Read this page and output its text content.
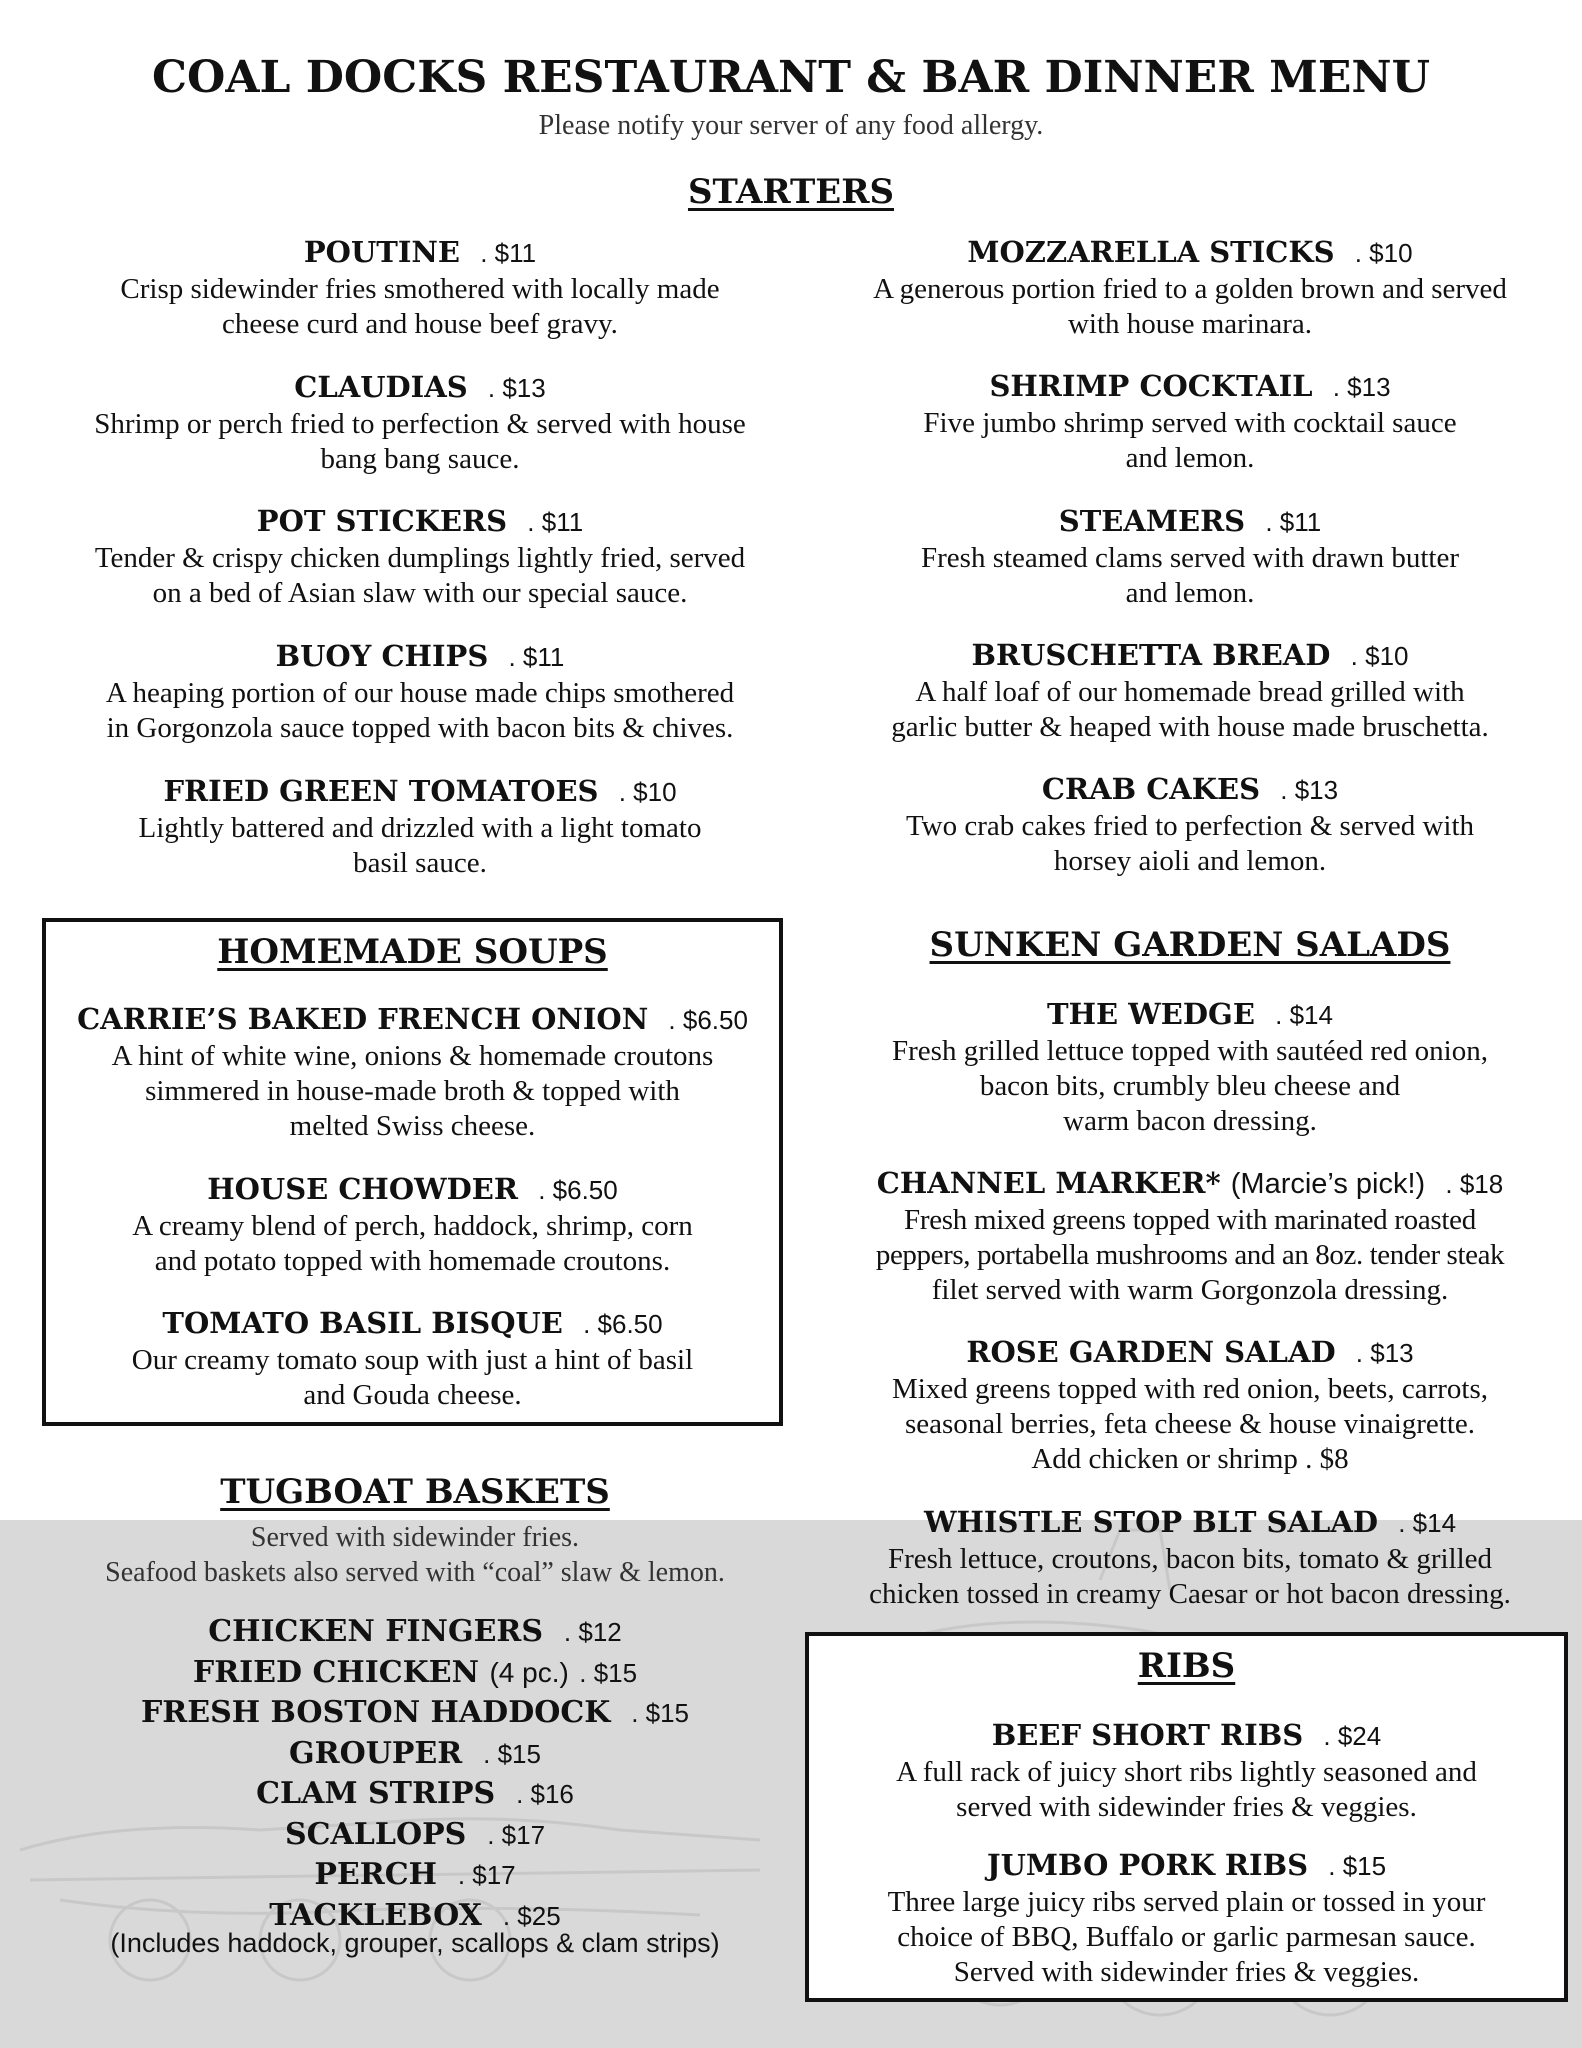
COAL DOCKS RESTAURANT & BAR DINNER MENU
Please notify your server of any food allergy.
STARTERS
POUTINE . $11
Crisp sidewinder fries smothered with locally made
cheese curd and house beef gravy.
CLAUDIAS . $13
Shrimp or perch fried to perfection & served with house
bang bang sauce.
POT STICKERS . $11
Tender & crispy chicken dumplings lightly fried, served
on a bed of Asian slaw with our special sauce.
BUOY CHIPS . $11
A heaping portion of our house made chips smothered
in Gorgonzola sauce topped with bacon bits & chives.
FRIED GREEN TOMATOES . $10
Lightly battered and drizzled with a light tomato
basil sauce.
MOZZARELLA STICKS . $10
A generous portion fried to a golden brown and served
with house marinara.
SHRIMP COCKTAIL . $13
Five jumbo shrimp served with cocktail sauce
and lemon.
STEAMERS . $11
Fresh steamed clams served with drawn butter
and lemon.
BRUSCHETTA BREAD . $10
A half loaf of our homemade bread grilled with
garlic butter & heaped with house made bruschetta.
CRAB CAKES . $13
Two crab cakes fried to perfection & served with
horsey aioli and lemon.
HOMEMADE SOUPS
CARRIE’S BAKED FRENCH ONION . $6.50
A hint of white wine, onions & homemade croutons
simmered in house-made broth & topped with
melted Swiss cheese.
HOUSE CHOWDER . $6.50
A creamy blend of perch, haddock, shrimp, corn
and potato topped with homemade croutons.
TOMATO BASIL BISQUE . $6.50
Our creamy tomato soup with just a hint of basil
and Gouda cheese.
SUNKEN GARDEN SALADS
THE WEDGE . $14
Fresh grilled lettuce topped with sautéed red onion,
bacon bits, crumbly bleu cheese and
warm bacon dressing.
CHANNEL MARKER* (Marcie’s pick!) . $18
Fresh mixed greens topped with marinated roasted
peppers, portabella mushrooms and an 8oz. tender steak
filet served with warm Gorgonzola dressing.
ROSE GARDEN SALAD . $13
Mixed greens topped with red onion, beets, carrots,
seasonal berries, feta cheese & house vinaigrette.
Add chicken or shrimp . $8
WHISTLE STOP BLT SALAD . $14
Fresh lettuce, croutons, bacon bits, tomato & grilled
chicken tossed in creamy Caesar or hot bacon dressing.
TUGBOAT BASKETS
Served with sidewinder fries.
Seafood baskets also served with “coal” slaw & lemon.
CHICKEN FINGERS . $12
FRIED CHICKEN (4 pc.) . $15
FRESH BOSTON HADDOCK . $15
GROUPER . $15
CLAM STRIPS . $16
SCALLOPS . $17
PERCH . $17
TACKLEBOX . $25
(Includes haddock, grouper, scallops & clam strips)
RIBS
BEEF SHORT RIBS . $24
A full rack of juicy short ribs lightly seasoned and
served with sidewinder fries & veggies.
JUMBO PORK RIBS . $15
Three large juicy ribs served plain or tossed in your
choice of BBQ, Buffalo or garlic parmesan sauce.
Served with sidewinder fries & veggies.
